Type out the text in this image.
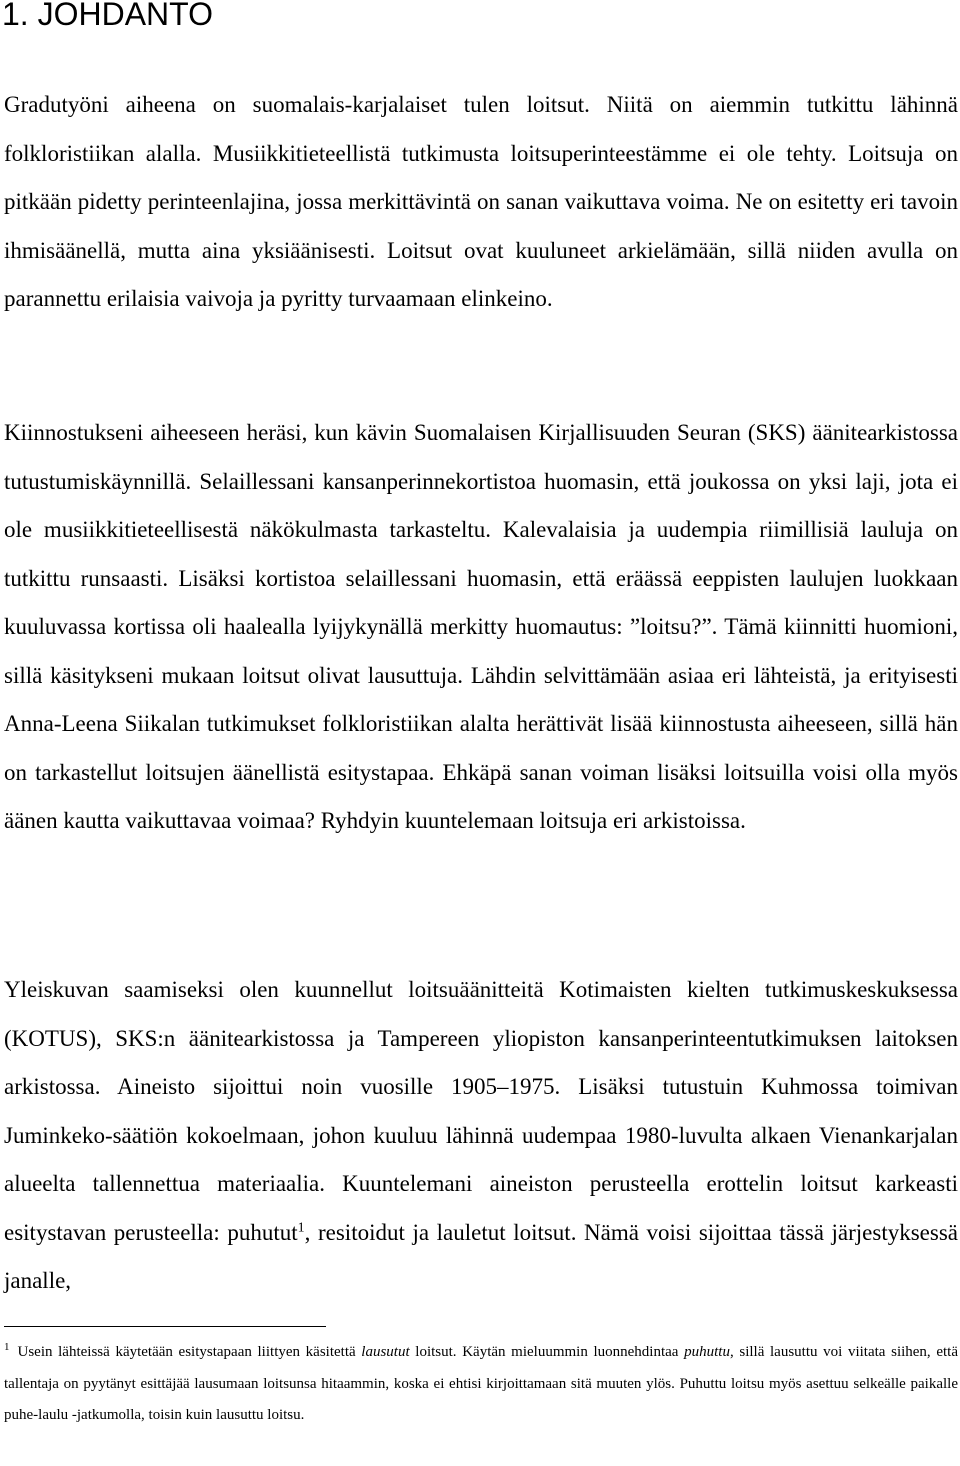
1. JOHDANTO

Gradutyöni aiheena on suomalais-karjalaiset tulen loitsut. Niitä on aiemmin tutkittu lähinnä folkloristiikan alalla. Musiikkitieteellistä tutkimusta loitsuperinteestämme ei ole tehty. Loitsuja on pitkään pidetty perinteenlajina, jossa merkittävintä on sanan vaikuttava voima. Ne on esitetty eri tavoin ihmisäänellä, mutta aina yksiäänisesti. Loitsut ovat kuuluneet arkielämään, sillä niiden avulla on parannettu erilaisia vaivoja ja pyritty turvaamaan elinkeino.

Kiinnostukseni aiheeseen heräsi, kun kävin Suomalaisen Kirjallisuuden Seuran (SKS) äänitearkistossa tutustumiskäynnillä. Selaillessani kansanperinnekortistoa huomasin, että joukossa on yksi laji, jota ei ole musiikkitieteellisestä näkökulmasta tarkasteltu. Kalevalaisia ja uudempia riimillisiä lauluja on tutkittu runsaasti. Lisäksi kortistoa selaillessani huomasin, että eräässä eeppisten laulujen luokkaan kuuluvassa kortissa oli haalealla lyijykynällä merkitty huomautus: ”loitsu?”. Tämä kiinnitti huomioni, sillä käsitykseni mukaan loitsut olivat lausuttuja. Lähdin selvittämään asiaa eri lähteistä, ja erityisesti Anna-Leena Siikalan tutkimukset folkloristiikan alalta herättivät lisää kiinnostusta aiheeseen, sillä hän on tarkastellut loitsujen äänellistä esitystapaa. Ehkäpä sanan voiman lisäksi loitsuilla voisi olla myös äänen kautta vaikuttavaa voimaa? Ryhdyin kuuntelemaan loitsuja eri arkistoissa.

Yleiskuvan saamiseksi olen kuunnellut loitsuäänitteitä Kotimaisten kielten tutkimuskeskuksessa (KOTUS), SKS:n äänitearkistossa ja Tampereen yliopiston kansanperinteentutkimuksen laitoksen arkistossa. Aineisto sijoittui noin vuosille 1905–1975. Lisäksi tutustuin Kuhmossa toimivan Juminkeko-säätiön kokoelmaan, johon kuuluu lähinnä uudempaa 1980-luvulta alkaen Vienankarjalan alueelta tallennettua materiaalia. Kuuntelemani aineiston perusteella erottelin loitsut karkeasti esitystavan perusteella: puhutut$^1$, resitoidut ja lauletut loitsut. Nämä voisi sijoittaa tässä järjestyksessä janalle,

$^1$ Usein lähteissä käytetään esitystapaan liittyen käsitettä lausutut loitsut. Käytän mieluummin luonnehdintaa puhuttu, sillä lausuttu voi viitata siihen, että tallentaja on pyytänyt esittäjää lausumaan loitsunsa hitaammin, koska ei ehtisi kirjoittamaan sitä muuten ylös. Puhuttu loitsu myös asettuu selkeälle paikalle puhe-laulu -jatkumolla, toisin kuin lausuttu loitsu.
